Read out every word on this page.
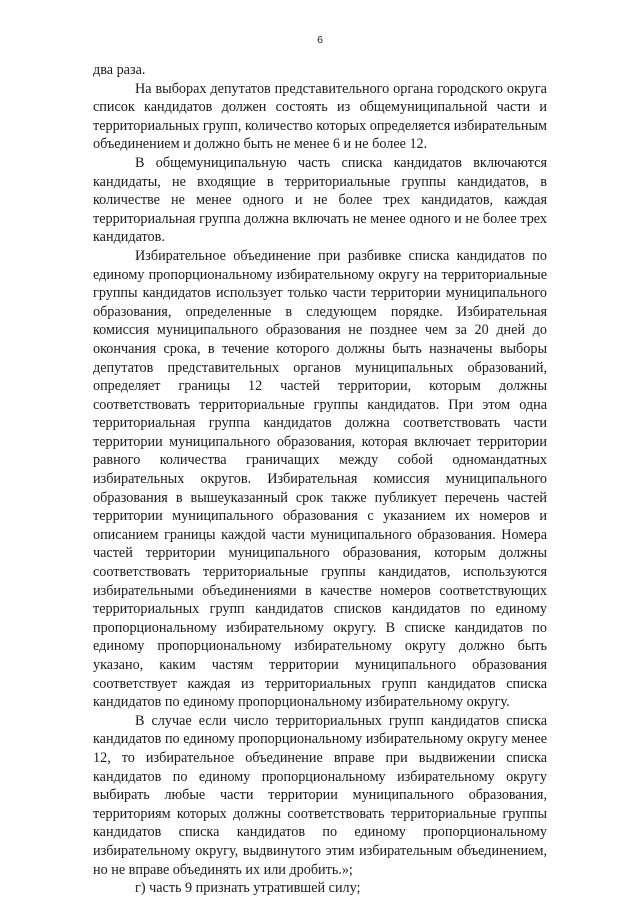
6

два раза.

На выборах депутатов представительного органа городского округа список кандидатов должен состоять из общемуниципальной части и территориальных групп, количество которых определяется избирательным объединением и должно быть не менее 6 и не более 12.

В общемуниципальную часть списка кандидатов включаются кандидаты, не входящие в территориальные группы кандидатов, в количестве не менее одного и не более трех кандидатов, каждая территориальная группа должна включать не менее одного и не более трех кандидатов.

Избирательное объединение при разбивке списка кандидатов по единому пропорциональному избирательному округу на территориальные группы кандидатов использует только части территории муниципального образования, определенные в следующем порядке. Избирательная комиссия муниципального образования не позднее чем за 20 дней до окончания срока, в течение которого должны быть назначены выборы депутатов представительных органов муниципальных образований, определяет границы 12 частей территории, которым должны соответствовать территориальные группы кандидатов. При этом одна территориальная группа кандидатов должна соответствовать части территории муниципального образования, которая включает территории равного количества граничащих между собой одномандатных избирательных округов. Избирательная комиссия муниципального образования в вышеуказанный срок также публикует перечень частей территории муниципального образования с указанием их номеров и описанием границы каждой части муниципального образования. Номера частей территории муниципального образования, которым должны соответствовать территориальные группы кандидатов, используются избирательными объединениями в качестве номеров соответствующих территориальных групп кандидатов списков кандидатов по единому пропорциональному избирательному округу. В списке кандидатов по единому пропорциональному избирательному округу должно быть указано, каким частям территории муниципального образования соответствует каждая из территориальных групп кандидатов списка кандидатов по единому пропорциональному избирательному округу.

В случае если число территориальных групп кандидатов списка кандидатов по единому пропорциональному избирательному округу менее 12, то избирательное объединение вправе при выдвижении списка кандидатов по единому пропорциональному избирательному округу выбирать любые части территории муниципального образования, территориям которых должны соответствовать территориальные группы кандидатов списка кандидатов по единому пропорциональному избирательному округу, выдвинутого этим избирательным объединением, но не вправе объединять их или дробить.»;

г) часть 9 признать утратившей силу;
